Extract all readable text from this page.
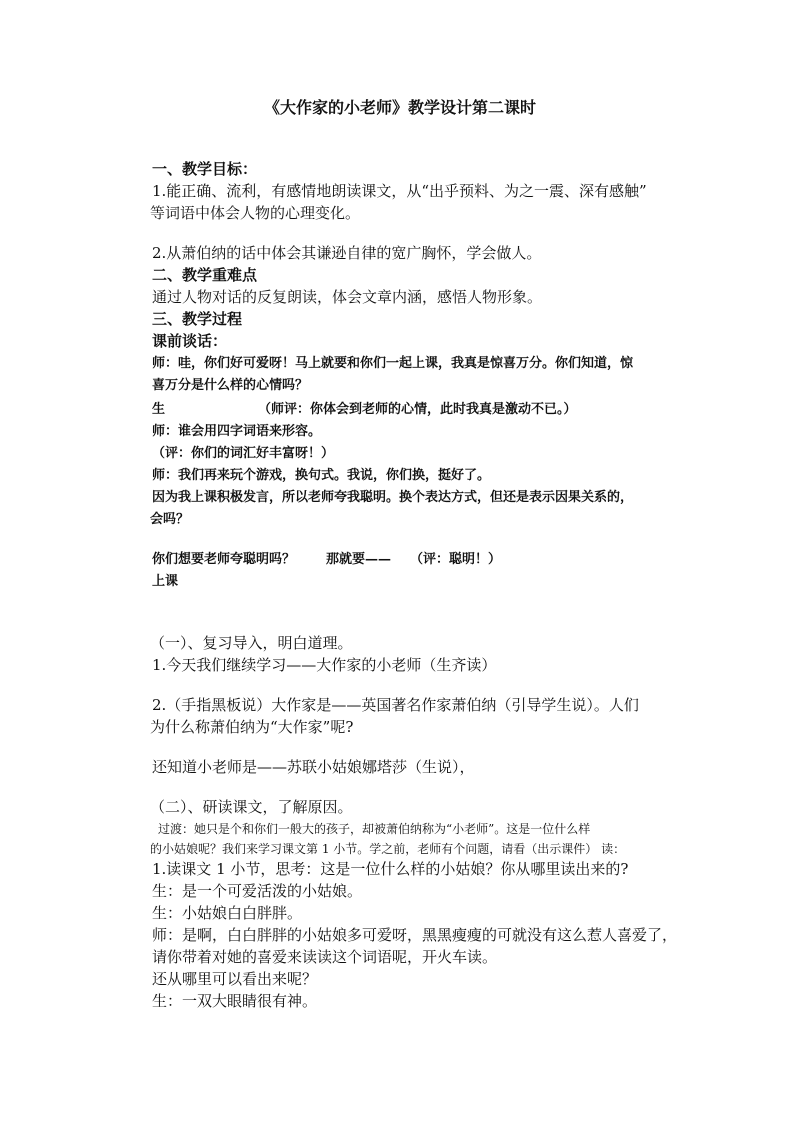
《大作家的小老师》教学设计第二课时
一、教学目标：
1.能正确、流利，有感情地朗读课文，从“出乎预料、为之一震、深有感触”
等词语中体会人物的心理变化。
2.从萧伯纳的话中体会其谦逊自律的宽广胸怀，学会做人。
二、教学重难点
通过人物对话的反复朗读，体会文章内涵，感悟人物形象。
三、教学过程
课前谈话：
师：哇，你们好可爱呀！马上就要和你们一起上课，我真是惊喜万分。你们知道，惊
喜万分是什么样的心情吗？
生	（师评：你体会到老师的心情，此时我真是激动不已。）
师：谁会用四字词语来形容。
（评：你们的词汇好丰富呀！）
师：我们再来玩个游戏，换句式。我说，你们换，挺好了。
因为我上课积极发言，所以老师夸我聪明。换个表达方式，但还是表示因果关系的，
会吗？
你们想要老师夸聪明吗？ 那就要—— （评：聪明！）
上课
（一）、复习导入，明白道理。
1.今天我们继续学习——大作家的小老师（生齐读）
2.（手指黑板说）大作家是——英国著名作家萧伯纳（引导学生说）。人们
为什么称萧伯纳为“大作家”呢?
还知道小老师是——苏联小姑娘娜塔莎（生说），
（二）、研读课文，了解原因。
过渡：她只是个和你们一般大的孩子，却被萧伯纳称为“小老师”。这是一位什么样
的小姑娘呢？我们来学习课文第 1 小节。学之前，老师有个问题，请看（出示课件） 读：
1.读课文 1 小节，思考：这是一位什么样的小姑娘？你从哪里读出来的?
生：是一个可爱活泼的小姑娘。
生：小姑娘白白胖胖。
师：是啊，白白胖胖的小姑娘多可爱呀，黑黑瘦瘦的可就没有这么惹人喜爱了，
请你带着对她的喜爱来读读这个词语呢，开火车读。
还从哪里可以看出来呢？
生：一双大眼睛很有神。
